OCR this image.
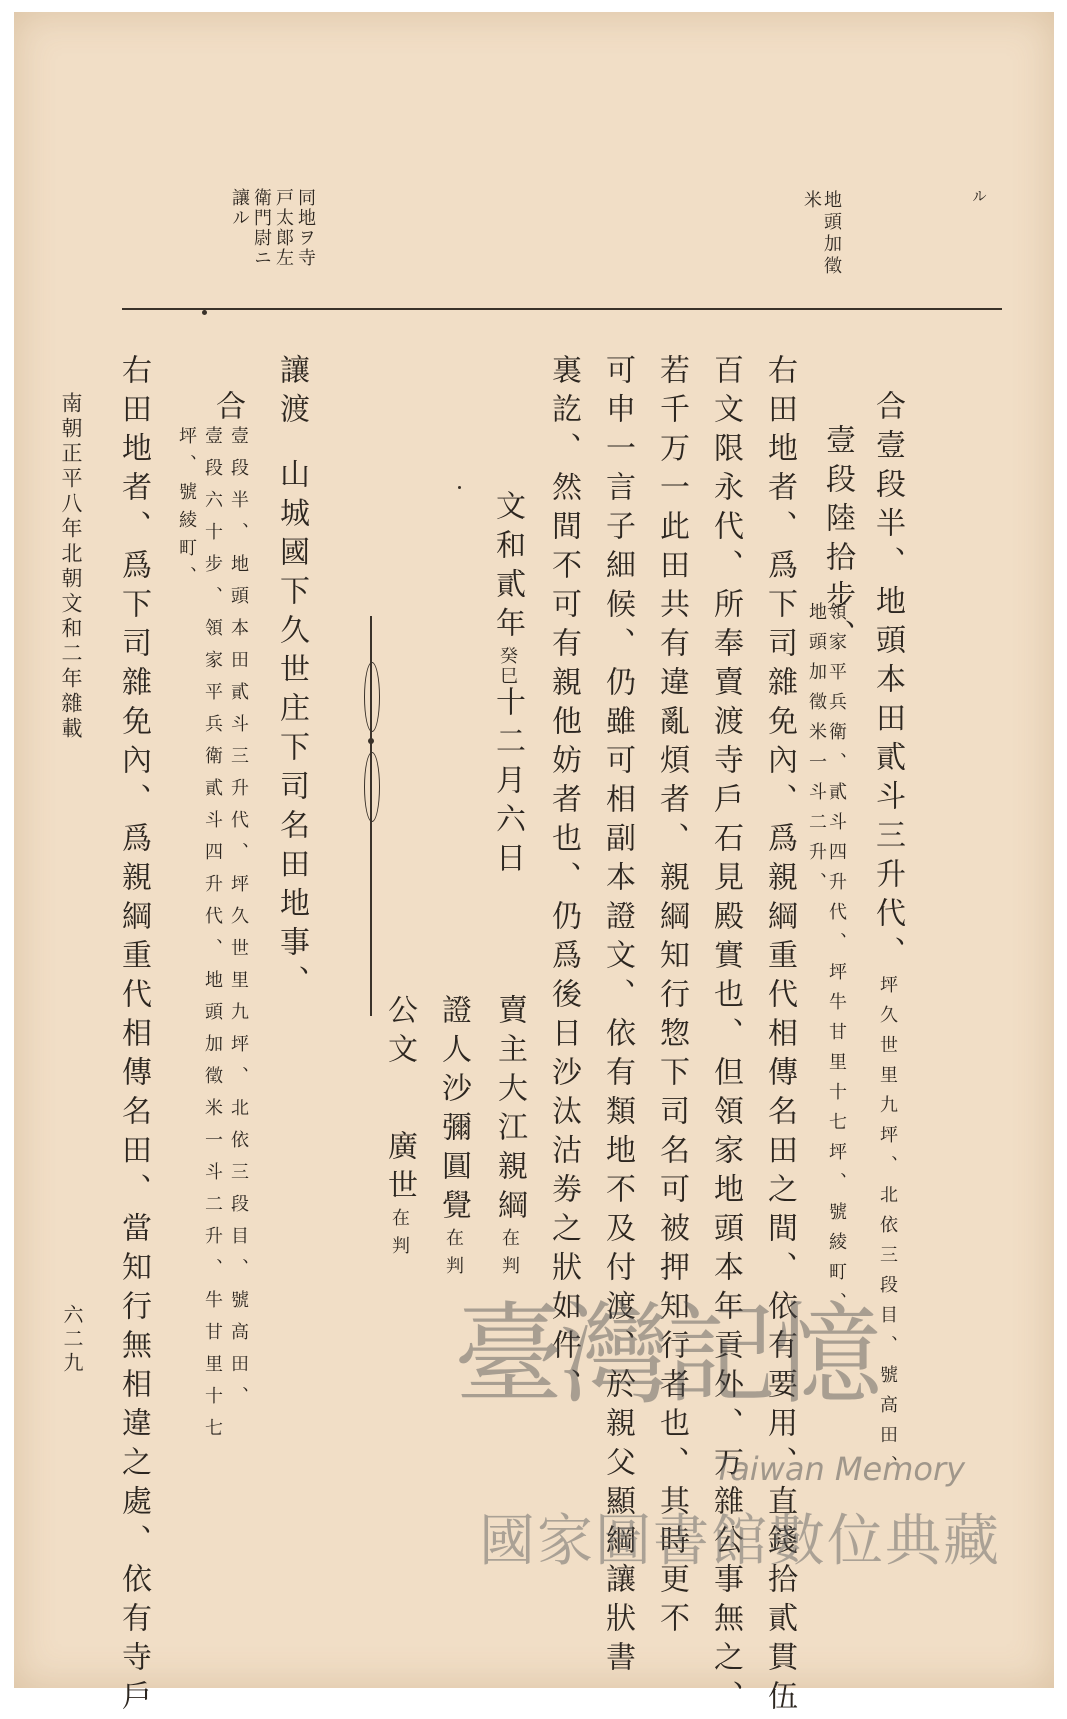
ル
地頭加徵
米
同地ヲ寺
戸太郞左
衛門尉ニ
讓ル
合壹段半、地頭本田貳斗三升代、坪久世里九坪、北依三段目、號高田、
壹段陸拾步、
領家平兵衛、貳斗四升代、坪牛甘里十七坪、號綾町、
地頭加徵米一斗二升、
右田地者、爲下司雜免內、爲親綱重代相傳名田之間、依有要用、直錢拾貳貫伍
百文限永代、所奉賣渡寺戶石見殿實也、但領家地頭本年貢外、万雜公事無之、
若千万一此田共有違亂煩者、親綱知行惣下司名可被押知行者也、其時更不
可申一言子細候、仍雖可相副本證文、依有類地不及付渡、於親父顯綱讓狀書
裏訖、然間不可有親他妨者也、仍爲後日沙汰沽劵之狀如件、
文和貳年癸巳十二月六日
賣主大江親綱在判
證人沙彌圓覺在判
公文
廣世在判
讓渡
山城國下久世庄下司名田地事、
合
壹段半、地頭本田貳斗三升代、坪久世里九坪、北依三段目、號高田、
壹段六十步、領家平兵衛貳斗四升代、地頭加徵米一斗二升、牛甘里十七
坪、號綾町、
右田地者、爲下司雜免內、爲親綱重代相傳名田、當知行無相違之處、依有寺戶
南朝正平八年
北朝文和二年雜載
六二九	臺灣記憶
Taiwan Memory
國家圖書館數位典藏
